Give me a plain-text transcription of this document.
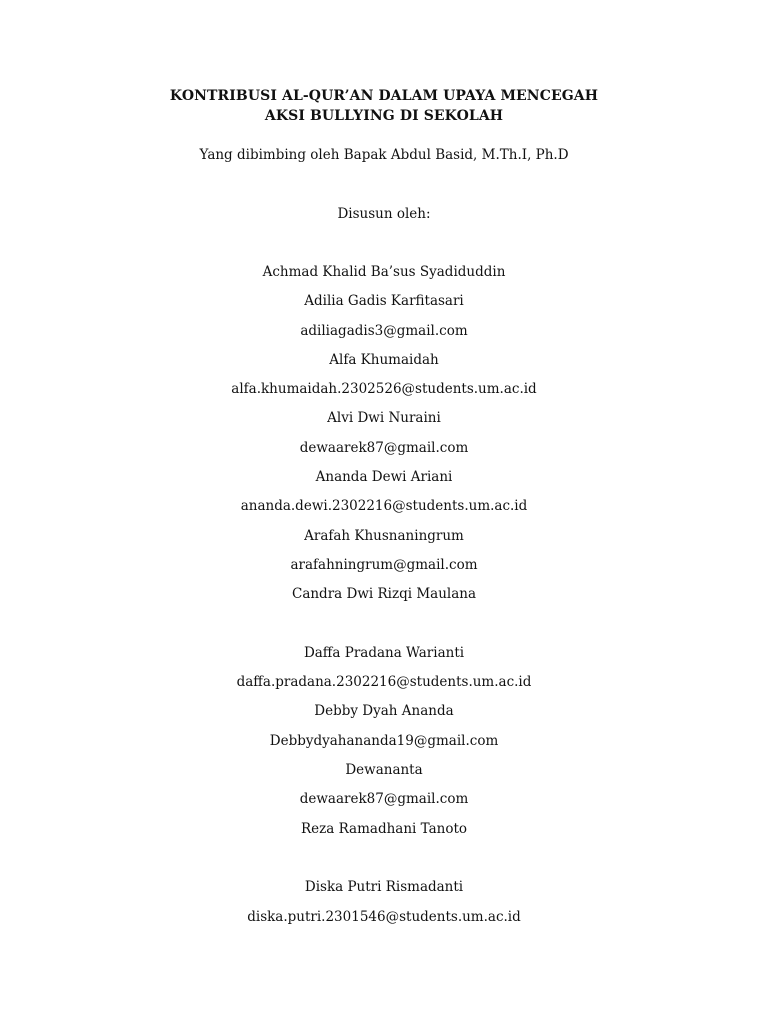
KONTRIBUSI AL-QUR’AN DALAM UPAYA MENCEGAH
AKSI BULLYING DI SEKOLAH
Yang dibimbing oleh Bapak Abdul Basid, M.Th.I, Ph.D
Disusun oleh:
Achmad Khalid Ba’sus Syadiduddin
Adilia Gadis Karfitasari
adiliagadis3@gmail.com
Alfa Khumaidah
alfa.khumaidah.2302526@students.um.ac.id
Alvi Dwi Nuraini
dewaarek87@gmail.com
Ananda Dewi Ariani
ananda.dewi.2302216@students.um.ac.id
Arafah Khusnaningrum
arafahningrum@gmail.com
Candra Dwi Rizqi Maulana
Daffa Pradana Warianti
daffa.pradana.2302216@students.um.ac.id
Debby Dyah Ananda
Debbydyahananda19@gmail.com
Dewananta
dewaarek87@gmail.com
Reza Ramadhani Tanoto
Diska Putri Rismadanti
diska.putri.2301546@students.um.ac.id
